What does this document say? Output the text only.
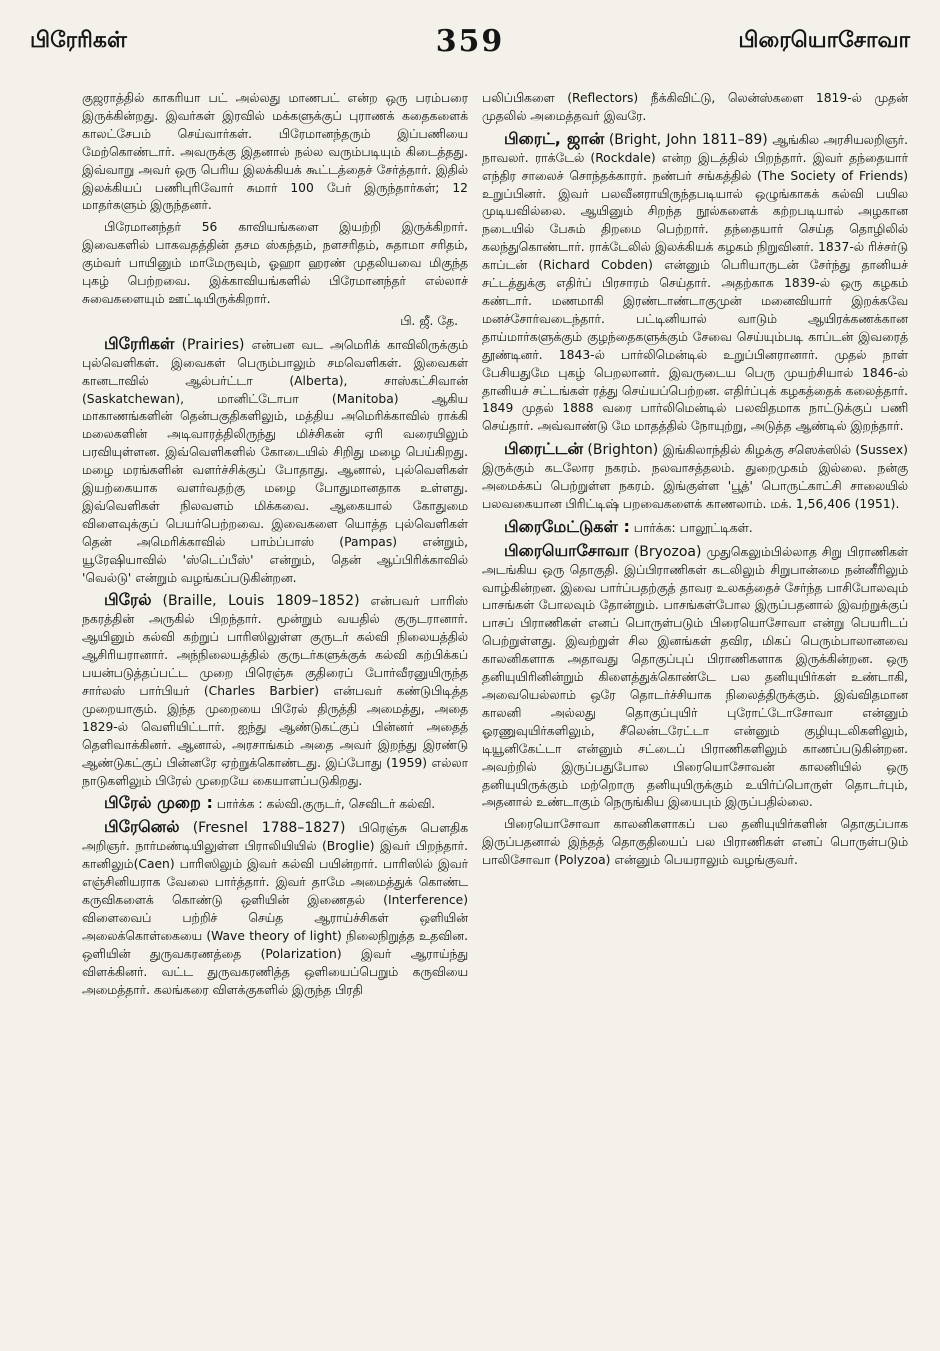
பிரேரிகள்	359	பிரையொசோவா

குஜராத்தில் காகரியா பட் அல்லது மாணபட் என்ற ஒரு பரம்பரை இருக்கின்றது. இவர்கள் இரவில் மக்களுக்குப் புராணக் கதைகளைக் காலட்சேபம் செய்வார்கள். பிரேமானந்தரும் இப்பணியை மேற்கொண்டார். அவருக்கு இதனால் நல்ல வரும்படியும் கிடைத்தது. இவ்வாறு அவர் ஒரு பெரிய இலக்கியக் கூட்டத்தைச் சேர்த்தார். இதில் இலக்கியப் பணிபுரிவோர் சுமார் 100 பேர் இருந்தார்கள்; 12 மாதர்களும் இருந்தனர்.

பிரேமானந்தர் 56 காவியங்களை இயற்றி இருக்கிறார். இவைகளில் பாகவதத்தின் தசம ஸ்கந்தம், நளசரிதம், சுதாமா சரிதம், கும்வர் பாயினும் மாமேருவும், ஓஹா ஹரண் முதலியவை மிகுந்த புகழ் பெற்றவை. இக்காவியங்களில் பிரேமானந்தர் எல்லாச் சுவைகளையும் ஊட்டியிருக்கிறார்.

பி. ஜீ. தே.

பிரேரிகள் (Prairies) என்பன வட அமெரிக் காவிலிருக்கும் புல்வெளிகள். இவைகள் பெரும்பாலும் சமவெளிகள். இவைகள் கானடாவில் ஆல்பர்ட்டா (Alberta), சாஸ்கட்சிவான் (Saskatchewan), மானிட்டோபா (Manitoba) ஆகிய மாகாணங்களின் தென்பகுதிகளிலும், மத்திய அமெரிக்காவில் ராக்கி மலைகளின் அடிவாரத்திலிருந்து மிச்சிகன் ஏரி வரையிலும் பரவியுள்ளன. இவ்வெளிகளில் கோடையில் சிறிது மழை பெய்கிறது. மழை மரங்களின் வளர்ச்சிக்குப் போதாது. ஆனால், புல்வெளிகள் இயற்கையாக வளர்வதற்கு மழை போதுமானதாக உள்ளது. இவ்வெளிகள் நிலவளம் மிக்கவை. ஆகையால் கோதுமை விளைவுக்குப் பெயர்பெற்றவை. இவைகளை யொத்த புல்வெளிகள் தென் அமெரிக்காவில் பாம்ப்பாஸ் (Pampas) என்றும், யூரேஷியாவில் 'ஸ்டெப்பீஸ்' என்றும், தென் ஆப்பிரிக்காவில் 'வெல்டு' என்றும் வழங்கப்படுகின்றன.

பிரேல் (Braille, Louis 1809–1852) என்பவர் பாரிஸ் நகரத்தின் அருகில் பிறந்தார். மூன்றும் வயதில் குருடரானார். ஆயினும் கல்வி கற்றுப் பாரிஸிலுள்ள குருடர் கல்வி நிலையத்தில் ஆசிரியரானார். அந்நிலையத்தில் குருடர்களுக்குக் கல்வி கற்பிக்கப் பயன்படுத்தப்பட்ட முறை பிரெஞ்சு குதிரைப் போர்வீரனுயிருந்த சார்லஸ் பார்பியர் (Charles Barbier) என்பவர் கண்டுபிடித்த முறையாகும். இந்த முறையை பிரேல் திருத்தி அமைத்து, அதை 1829-ல் வெளியிட்டார். ஐந்து ஆண்டுகட்குப் பின்னர் அதைத் தெளிவாக்கினர். ஆனால், அரசாங்கம் அதை அவர் இறந்து இரண்டு ஆண்டுகட்குப் பின்னரே ஏற்றுக்கொண்டது. இப்போது (1959) எல்லா நாடுகளிலும் பிரேல் முறையே கையாளப்படுகிறது.

பிரேல் முறை : பார்க்க : கல்வி.குருடர், செவிடர் கல்வி.

பிரேனெல் (Fresnel 1788–1827) பிரெஞ்சு பௌதிக அறிஞர். நார்மண்டியிலுள்ள பிராலியியில் (Broglie) இவர் பிறந்தார். கானிலும்(Caen) பாரிஸிலும் இவர் கல்வி பயின்றார். பாரிஸில் இவர் எஞ்சினியராக வேலை பார்த்தார். இவர் தாமே அமைத்துக் கொண்ட கருவிகளைக் கொண்டு ஒளியின் இணைதல் (Interference) விளைவைப் பற்றிச் செய்த ஆராய்ச்சிகள் ஒளியின் அலைக்கொள்கையை (Wave theory of light) நிலைநிறுத்த உதவின. ஒளியின் துருவகரணத்தை (Polarization) இவர் ஆராய்ந்து விளக்கினர். வட்ட துருவகரணித்த ஒளியைப்பெறும் கருவியை அமைத்தார். கலங்கரை விளக்குகளில் இருந்த பிரதி

பலிப்பிகளை (Reflectors) நீக்கிவிட்டு, லென்ஸ்களை 1819-ல் முதன் முதலில் அமைத்தவர் இவரே.

பிரைட், ஜான் (Bright, John 1811–89) ஆங்கில அரசியலறிஞர். நாவலர். ராக்டேல் (Rockdale) என்ற இடத்தில் பிறந்தார். இவர் தந்தையார் எந்திர சாலைச் சொந்தக்காரர். நண்பர் சங்கத்தில் (The Society of Friends) உறுப்பினர். இவர் பலவீனராயிருந்தபடியால் ஒழுங்காகக் கல்வி பயில முடியவில்லை. ஆயினும் சிறந்த நூல்களைக் கற்றபடியால் அழகான நடையில் பேசும் திறமை பெற்றார். தந்தையார் செய்த தொழிலில் கலந்துகொண்டார். ராக்டேலில் இலக்கியக் கழகம் நிறுவினர். 1837-ல் ரிச்சர்டு காப்டன் (Richard Cobden) என்னும் பெரியாருடன் சேர்ந்து தானியச் சட்டத்துக்கு எதிர்ப் பிரசாரம் செய்தார். அதற்காக 1839-ல் ஒரு கழகம் கண்டார். மணமாகி இரண்டாண்டாகுமுன் மனைவியார் இறக்கவே மனச்சோர்வடைந்தார். பட்டினியால் வாடும் ஆயிரக்கணக்கான தாய்மார்களுக்கும் குழந்தைகளுக்கும் சேவை செய்யும்படி காப்டன் இவரைத் தூண்டினர். 1843-ல் பார்லிமென்டில் உறுப்பினரானார். முதல் நாள் பேசியதுமே புகழ் பெறலானர். இவருடைய பெரு முயற்சியால் 1846-ல் தானியச் சட்டங்கள் ரத்து செய்யப்பெற்றன. எதிர்ப்புக் கழகத்தைக் கலைத்தார். 1849 முதல் 1888 வரை பார்லிமென்டில் பலவிதமாக நாட்டுக்குப் பணி செய்தார். அவ்வாண்டு மே மாதத்தில் நோயுற்று, அடுத்த ஆண்டில் இறந்தார்.

பிரைட்டன் (Brighton) இங்கிலாந்தில் கிழக்கு சஸெக்ஸில் (Sussex) இருக்கும் கடலோர நகரம். நலவாசத்தலம். துறைமுகம் இல்லை. நன்கு அமைக்கப் பெற்றுள்ள நகரம். இங்குள்ள 'பூத்' பொருட்காட்சி சாலையில் பலவகையான பிரிட்டிஷ் பறவைகளைக் காணலாம். மக். 1,56,406 (1951).

பிரைமேட்டுகள் : பார்க்க: பாலூட்டிகள்.

பிரையொசோவா (Bryozoa) முதுகெலும்பில்லாத சிறு பிராணிகள் அடங்கிய ஒரு தொகுதி. இப்பிராணிகள் கடலிலும் சிறுபான்மை நன்னீரிலும் வாழ்கின்றன. இவை பார்ப்பதற்குத் தாவர உலகத்தைச் சேர்ந்த பாசிபோலவும் பாசங்கள் போலவும் தோன்றும். பாசங்கள்போல இருப்பதனால் இவற்றுக்குப் பாசப் பிராணிகள் எனப் பொருள்படும் பிரையொசோவா என்று பெயரிடப் பெற்றுள்ளது. இவற்றுள் சில இனங்கள் தவிர, மிகப் பெரும்பாலானவை காலனிகளாக அதாவது தொகுப்புப் பிராணிகளாக இருக்கின்றன. ஒரு தனியுயிரினின்றும் கிளைத்துக்கொண்டே பல தனியுயிர்கள் உண்டாகி, அவையெல்லாம் ஒரே தொடர்ச்சியாக நிலைத்திருக்கும். இவ்விதமான காலனி அல்லது தொகுப்புயிர் புரோட்டோசோவா என்னும் ஓரணுவுயிர்களிலும், சீலென்டரேட்டா என்னும் குழியுடலிகளிலும், டியூனிகேட்டா என்னும் சட்டைப் பிராணிகளிலும் காணப்படுகின்றன. அவற்றில் இருப்பதுபோல பிரையொசோவன் காலனியில் ஒரு தனியுயிருக்கும் மற்றொரு தனியுயிருக்கும் உயிர்ப்பொருள் தொடர்பும், அதனால் உண்டாகும் நெருங்கிய இயைபும் இருப்பதில்லை.

பிரையொசோவா காலனிகளாகப் பல தனியுயிர்களின் தொகுப்பாக இருப்பதனால் இந்தத் தொகுதியைப் பல பிராணிகள் எனப் பொருள்படும் பாலிசோவா (Polyzoa) என்னும் பெயராலும் வழங்குவர்.
